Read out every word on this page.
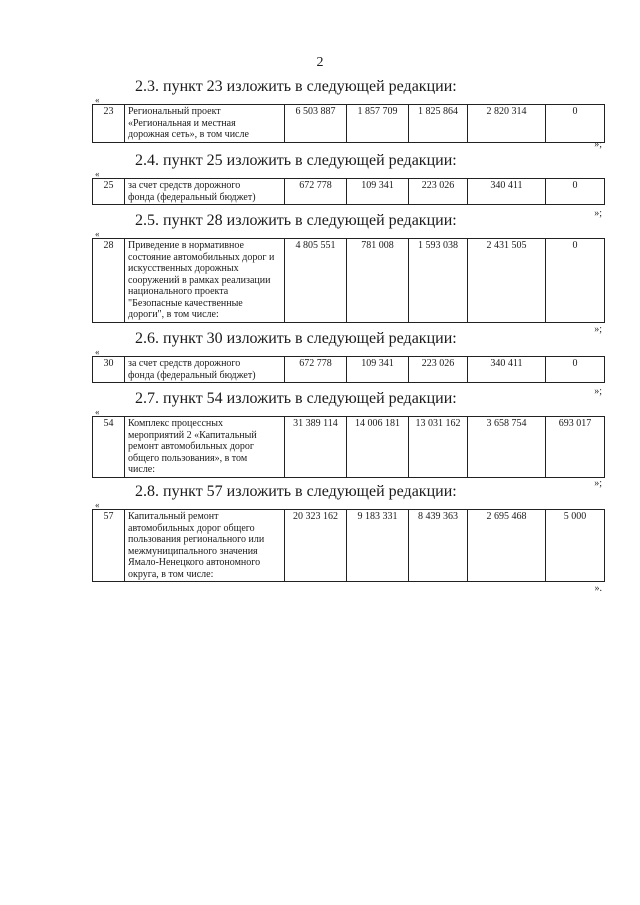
2
2.3. пункт 23 изложить в следующей редакции:
«
23	Региональный проект
«Региональная и местная
дорожная сеть», в том числе
	6 503 887	1 857 709	1 825 864	2 820 314	0
»;
2.4. пункт 25 изложить в следующей редакции:
«
25	за счет средств дорожного
фонда (федеральный бюджет)
	672 778	109 341	223 026	340 411	0
»;
2.5. пункт 28 изложить в следующей редакции:
«
28	Приведение в нормативное
состояние автомобильных дорог и
искусственных дорожных
сооружений в рамках реализации
национального проекта
"Безопасные качественные
дороги", в том числе:
	4 805 551	781 008	1 593 038	2 431 505	0
»;
2.6. пункт 30 изложить в следующей редакции:
«
30	за счет средств дорожного
фонда (федеральный бюджет)
	672 778	109 341	223 026	340 411	0
»;
2.7. пункт 54 изложить в следующей редакции:
«
54	Комплекс процессных
мероприятий 2 «Капитальный
ремонт автомобильных дорог
общего пользования», в том
числе:
	31 389 114	14 006 181	13 031 162	3 658 754	693 017
»;
2.8. пункт 57 изложить в следующей редакции:
«
57	Капитальный ремонт
автомобильных дорог общего
пользования регионального или
межмуниципального значения
Ямало-Ненецкого автономного
округа, в том числе:
	20 323 162	9 183 331	8 439 363	2 695 468	5 000
».
